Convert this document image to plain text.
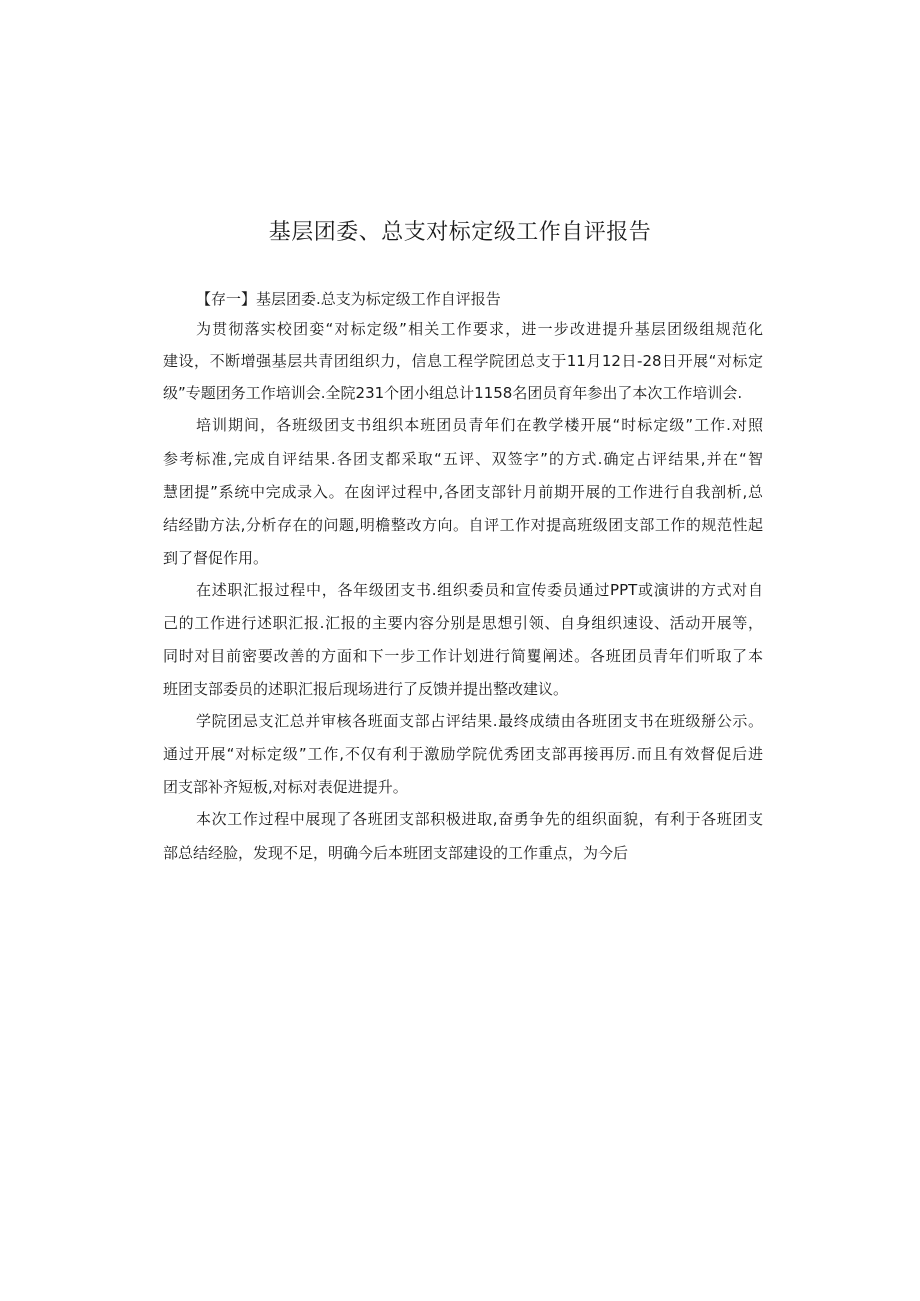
基层团委、总支对标定级工作自评报告
【存一】基层团委.总支为标定级工作自评报告
为贯彻落实校团娈“对标定级”相关工作要求，进一步改进提升基层团级组规范化
建设，不断增强基层共青团组织力，信息工程学院团总支于11月12日-28日开展“对标定
级”专题团务工作培训会.全院231个团小组总计1158名团员育年参出了本次工作培训会.
培训期间，各班级团支书组织本班团员青年们在教学楼开展“时标定级”工作.对照
参考标准,完成自评结果.各团支都采取“五评、双签字”的方式.确定占评结果,并在“智
慧团提”系统中完成录入。在囱评过程中,各团支部针月前期开展的工作进行自我剖析,总
结经勖方法,分析存在的问题,明檐整改方向。自评工作对提高班级团支部工作的规范性起
到了督促作用。
在述职汇报过程中，各年级团支书.组织委员和宣传委员通过PPT或演讲的方式对自
己的工作进行述职汇报.汇报的主要内容分别是思想引领、自身组织速设、活动开展等，
同时对目前密要改善的方面和下一步工作计划进行简矍阐述。各班团员青年们听取了本
班团支部委员的述职汇报后现场进行了反馈并提出整改建议。
学院团忌支汇总并审核各班面支部占评结果.最终成绩由各班团支书在班级掰公示。
通过开展“对标定级”工作,不仅有利于激励学院优秀团支部再接再厉.而且有效督促后进
团支部补齐短板,对标对表促进提升。
本次工作过程中展现了各班团支部积极进取,奋勇争先的组织面貌，有利于各班团支
部总结经脸，发现不足，明确今后本班团支部建设的工作重点，为今后
